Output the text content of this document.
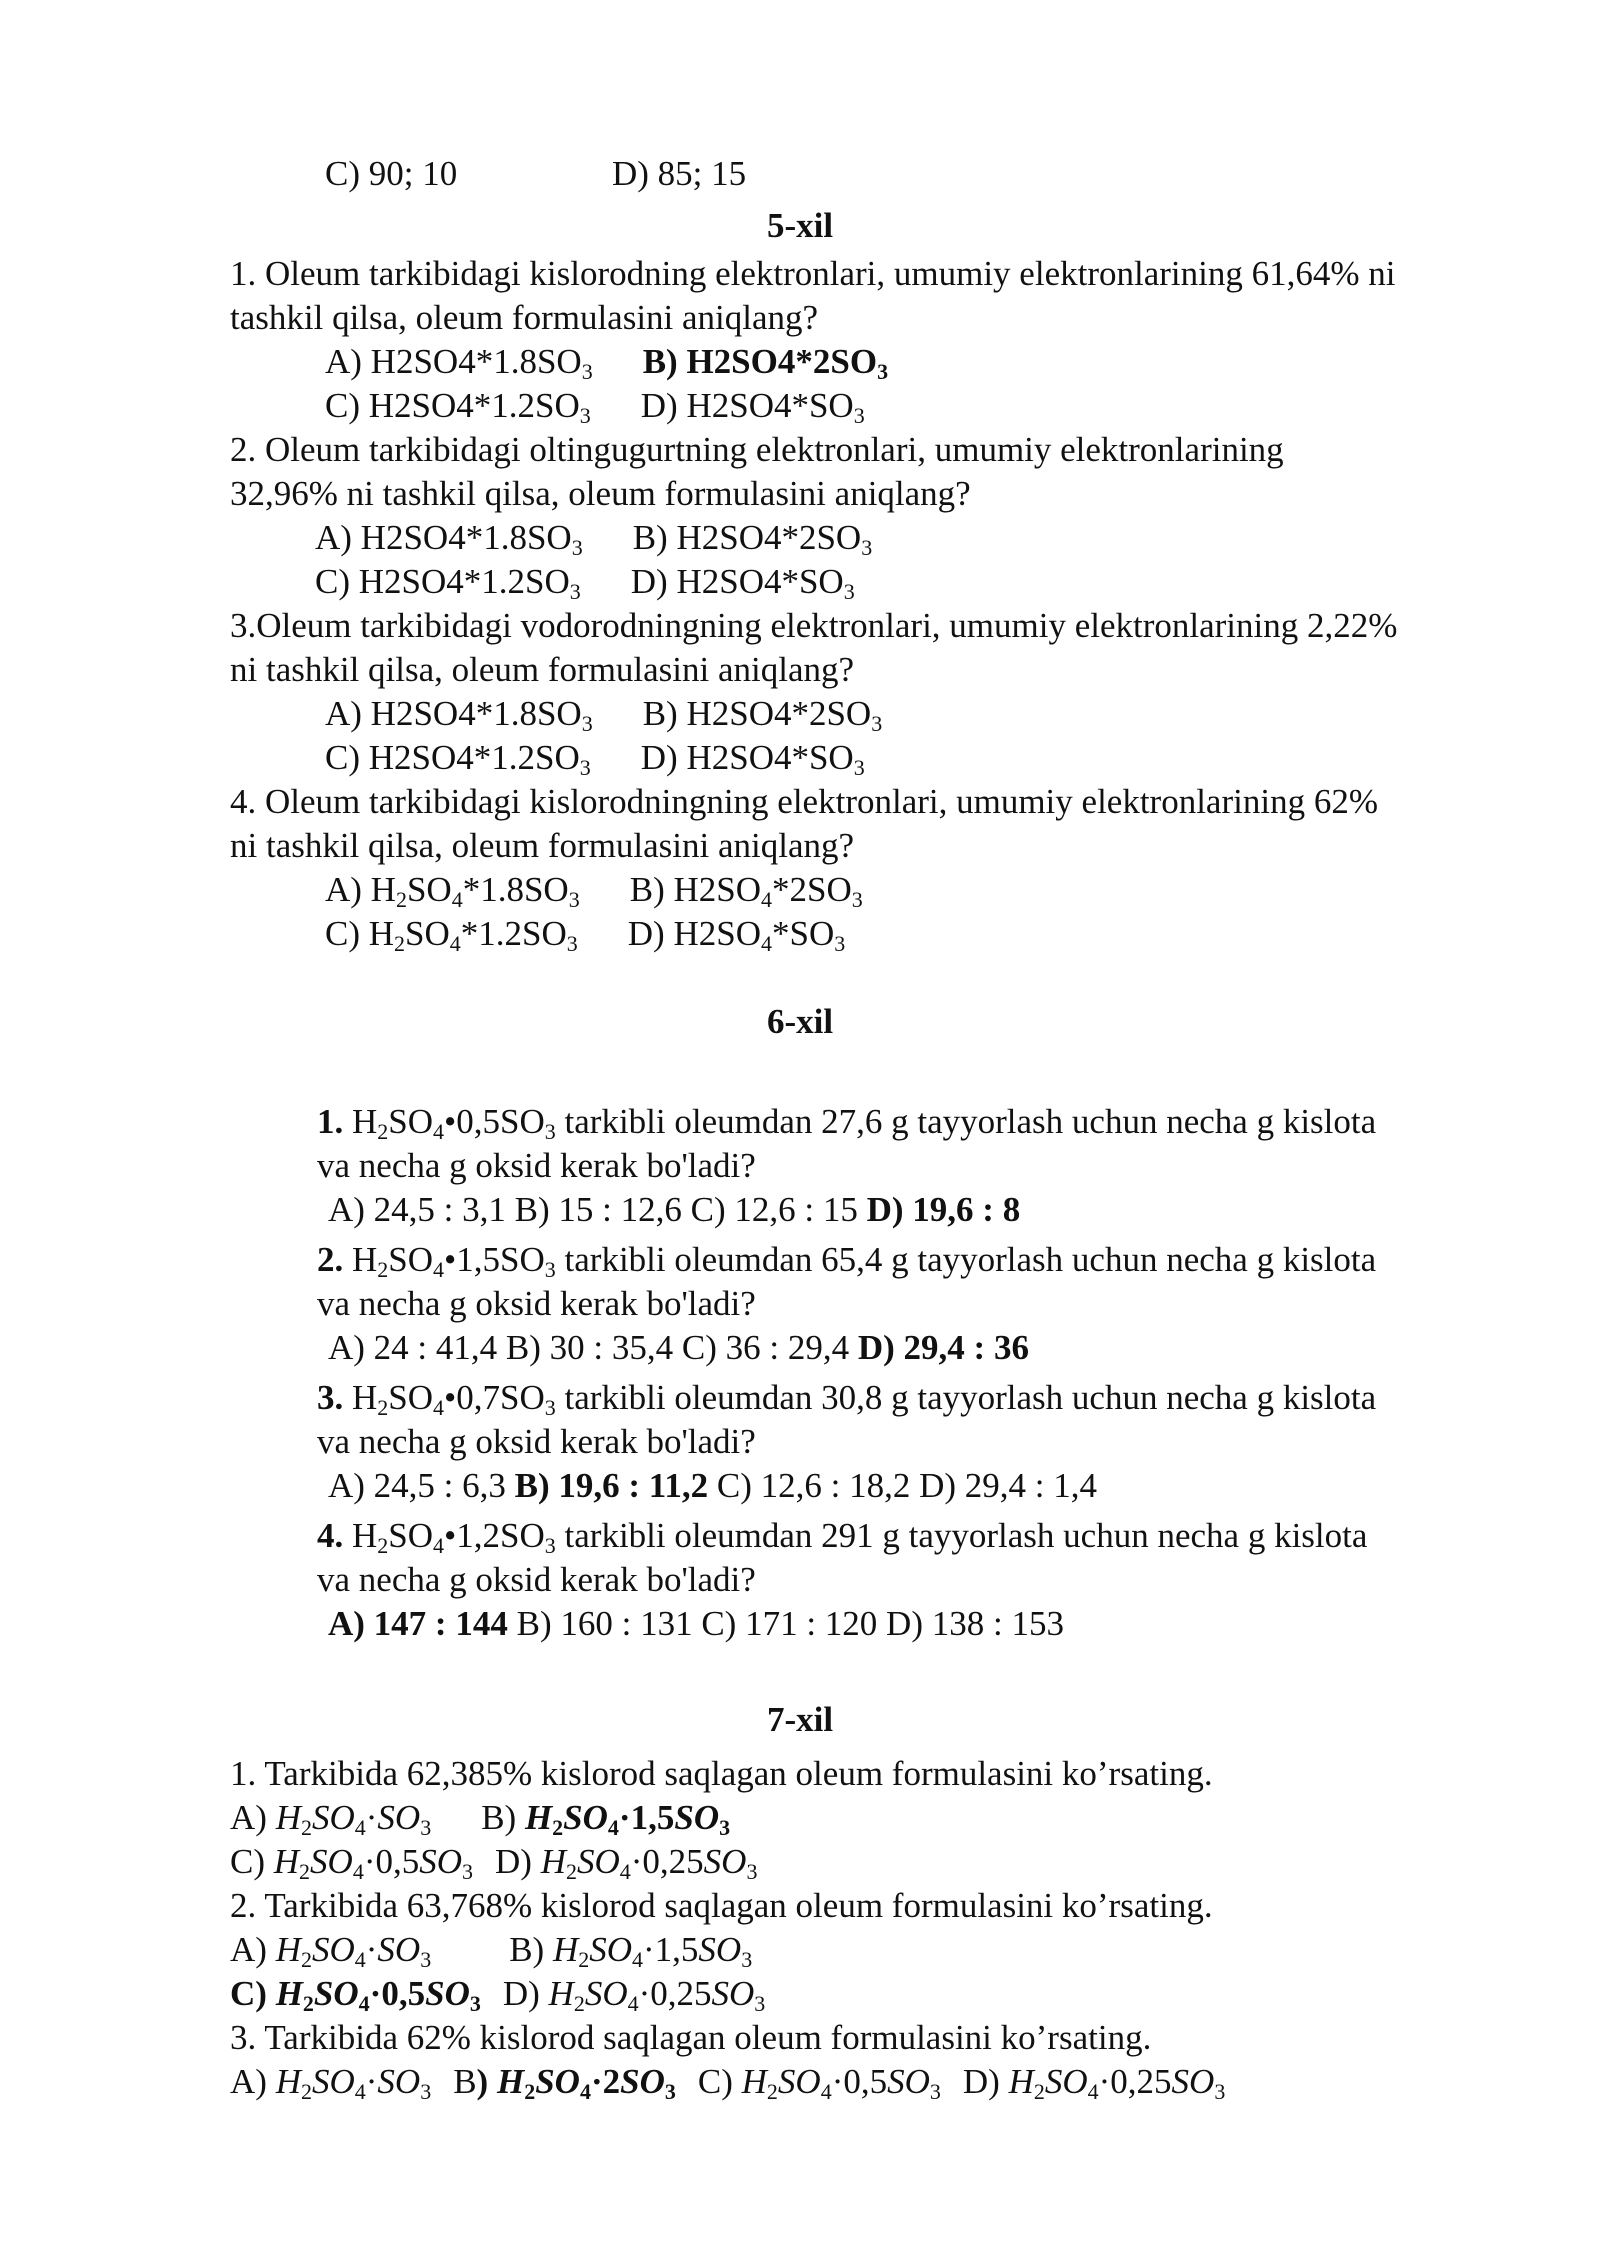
C) 90; 10	D) 85; 15
5-xil
1. Oleum tarkibidagi kislorodning elektronlari, umumiy elektronlarining 61,64% ni
tashkil qilsa, oleum formulasini aniqlang?
A) $H2SO4*1.8SO_3$ B) $H2SO4*2SO_3$
C) $H2SO4*1.2SO_3$ D) $H2SO4*SO_3$
2. Oleum tarkibidagi oltingugurtning elektronlari, umumiy elektronlarining
32,96% ni tashkil qilsa, oleum formulasini aniqlang?
A) $H2SO4*1.8SO_3$ B) $H2SO4*2SO_3$
C) $H2SO4*1.2SO_3$ D) $H2SO4*SO_3$
3.Oleum tarkibidagi vodorodningning elektronlari, umumiy elektronlarining 2,22%
ni tashkil qilsa, oleum formulasini aniqlang?
A) $H2SO4*1.8SO_3$ B) $H2SO4*2SO_3$
C) $H2SO4*1.2SO_3$ D) $H2SO4*SO_3$
4. Oleum tarkibidagi kislorodningning elektronlari, umumiy elektronlarining 62%
ni tashkil qilsa, oleum formulasini aniqlang?
A) $H_2SO_4*1.8SO_3$ B) $H2SO_4*2SO_3$
C) $H_2SO_4*1.2SO_3$ D) $H2SO_4*SO_3$
6-xil
1. $H_2SO_4•0,5SO_3$ tarkibli oleumdan 27,6 g tayyorlash uchun necha g kislota
va necha g oksid kerak bo'ladi?
A) 24,5 : 3,1 B) 15 : 12,6 C) 12,6 : 15 D) 19,6 : 8
2. $H_2SO_4•1,5SO_3$ tarkibli oleumdan 65,4 g tayyorlash uchun necha g kislota
va necha g oksid kerak bo'ladi?
A) 24 : 41,4 B) 30 : 35,4 C) 36 : 29,4 D) 29,4 : 36
3. $H_2SO_4•0,7SO_3$ tarkibli oleumdan 30,8 g tayyorlash uchun necha g kislota
va necha g oksid kerak bo'ladi?
A) 24,5 : 6,3 B) 19,6 : 11,2 C) 12,6 : 18,2 D) 29,4 : 1,4
4. $H_2SO_4•1,2SO_3$ tarkibli oleumdan 291 g tayyorlash uchun necha g kislota
va necha g oksid kerak bo'ladi?
A) 147 : 144 B) 160 : 131 C) 171 : 120 D) 138 : 153
7-xil
1. Tarkibida 62,385% kislorod saqlagan oleum formulasini ko’rsating.
A) $H_2SO_4\cdot SO_3$ B) $H_2SO_4\cdot 1,5SO_3$
C) $H_2SO_4\cdot 0,5SO_3$ D) $H_2SO_4\cdot 0,25SO_3$
2. Tarkibida 63,768% kislorod saqlagan oleum formulasini ko’rsating.
A) $H_2SO_4\cdot SO_3$ B) $H_2SO_4\cdot 1,5SO_3$
C) $H_2SO_4\cdot 0,5SO_3$ D) $H_2SO_4\cdot 0,25SO_3$
3. Tarkibida 62% kislorod saqlagan oleum formulasini ko’rsating.
A) $H_2SO_4\cdot SO_3$ B) $H_2SO_4\cdot 2SO_3$ C) $H_2SO_4\cdot 0,5SO_3$ D) $H_2SO_4\cdot 0,25SO_3$
